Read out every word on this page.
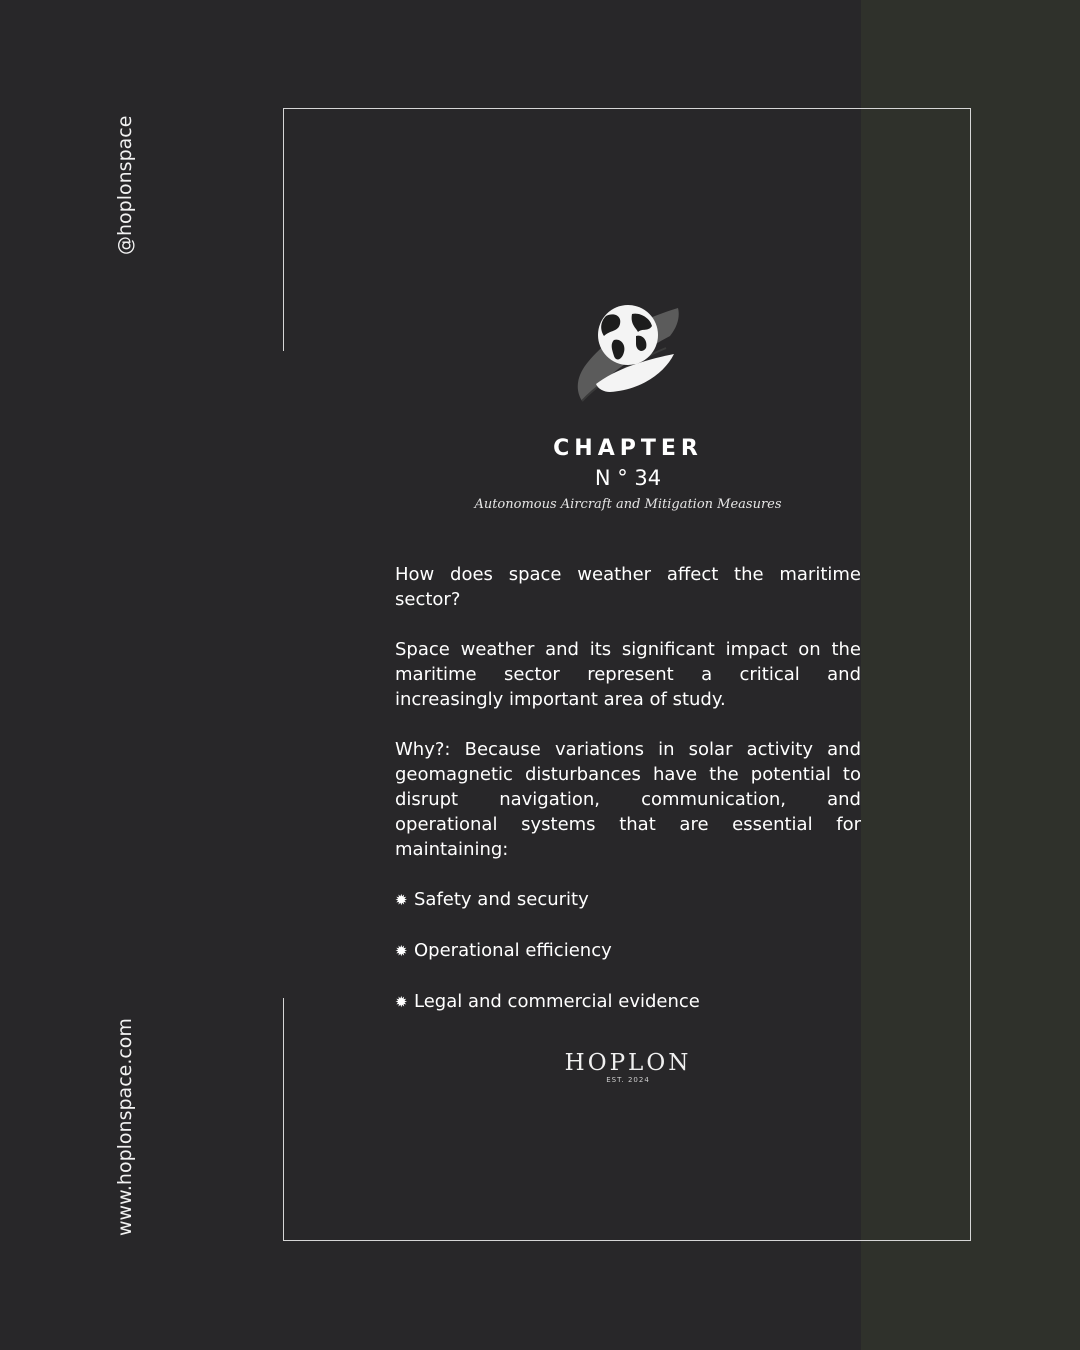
@hoplonspace
www.hoplonspace.com
CHAPTER
N ° 34
Autonomous Aircraft and Mitigation Measures

How does space weather affect the maritime sector?

Space weather and its significant impact on the maritime sector represent a critical and increasingly important area of study.

Why?: Because variations in solar activity and geomagnetic disturbances have the potential to disrupt navigation, communication, and operational systems that are essential for maintaining:

✹ Safety and security
✹ Operational efficiency
✹ Legal and commercial evidence
HOPLON
EST. 2024
